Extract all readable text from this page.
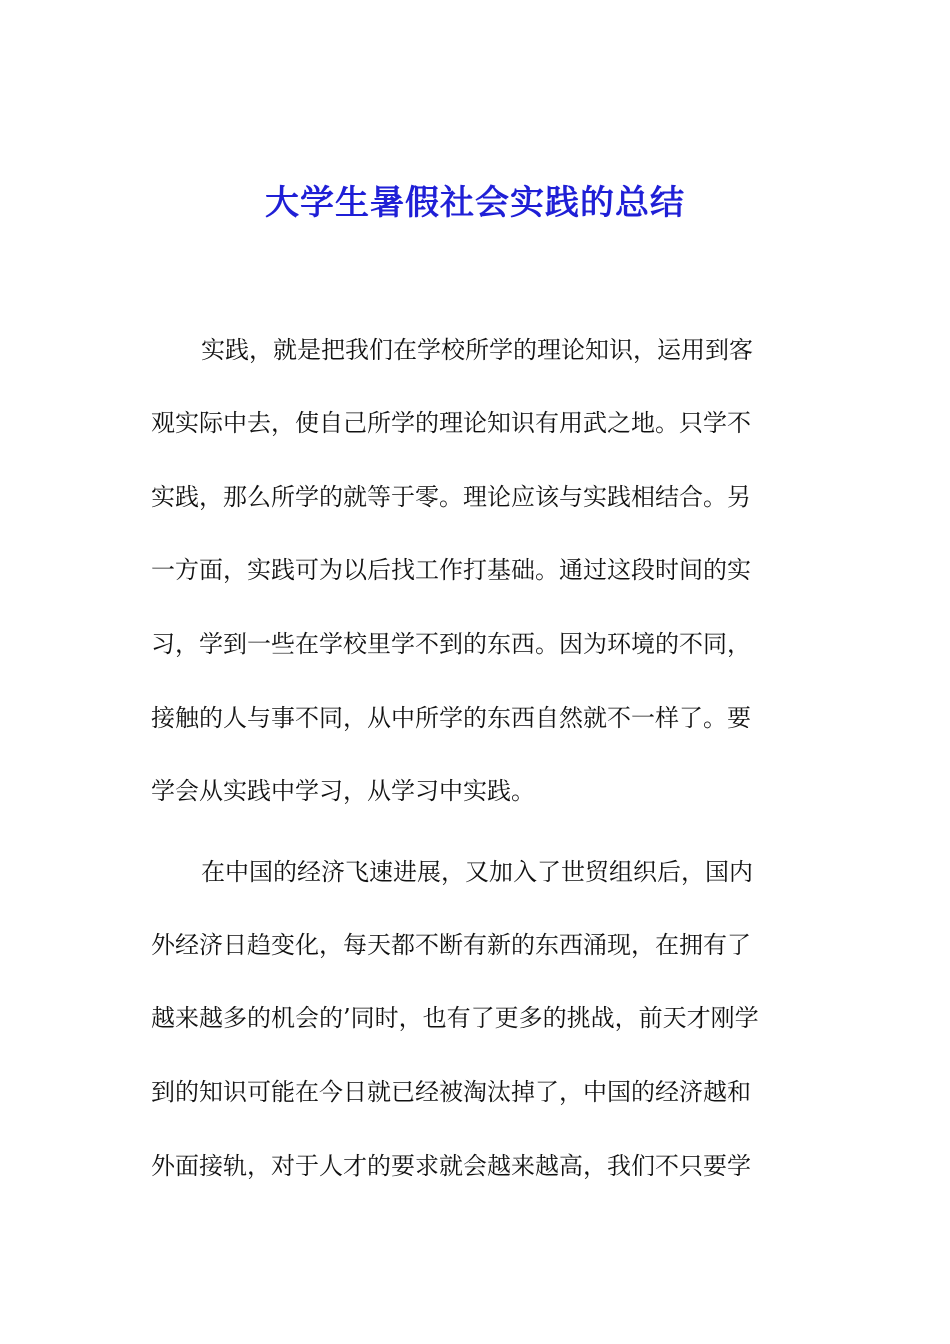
大学生暑假社会实践的总结

实践，就是把我们在学校所学的理论知识，运用到客

观实际中去，使自己所学的理论知识有用武之地。只学不

实践，那么所学的就等于零。理论应该与实践相结合。另

一方面，实践可为以后找工作打基础。通过这段时间的实

习，学到一些在学校里学不到的东西。因为环境的不同，

接触的人与事不同，从中所学的东西自然就不一样了。要

学会从实践中学习，从学习中实践。

在中国的经济飞速进展，又加入了世贸组织后，国内

外经济日趋变化，每天都不断有新的东西涌现，在拥有了

越来越多的机会的’同时，也有了更多的挑战，前天才刚学

到的知识可能在今日就已经被淘汰掉了，中国的经济越和

外面接轨，对于人才的要求就会越来越高，我们不只要学
